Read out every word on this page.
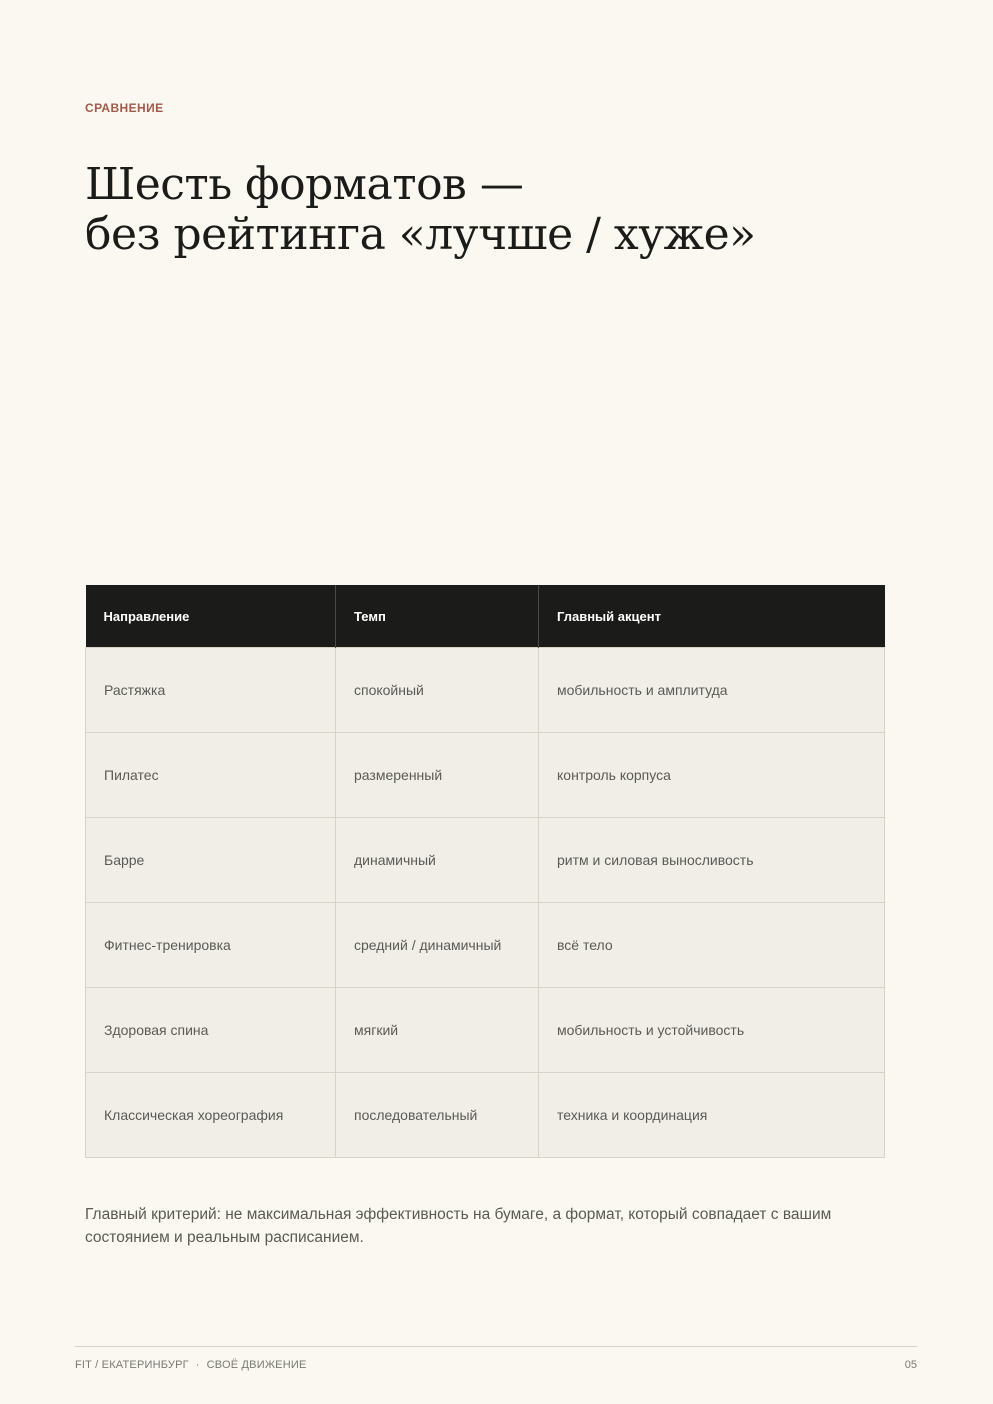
СРАВНЕНИЕ
Шесть форматов —
без рейтинга «лучше / хуже»
Направление	Темп	Главный акцент
Растяжка	спокойный	мобильность и амплитуда
Пилатес	размеренный	контроль корпуса
Барре	динамичный	ритм и силовая выносливость
Фитнес-тренировка	средний / динамичный	всё тело
Здоровая спина	мягкий	мобильность и устойчивость
Классическая хореография	последовательный	техника и координация

Главный критерий: не максимальная эффективность на бумаге, а формат, который совпадает с вашим состоянием и реальным расписанием.

FIT / ЕКАТЕРИНБУРГ · СВОЁ ДВИЖЕНИЕ	05
